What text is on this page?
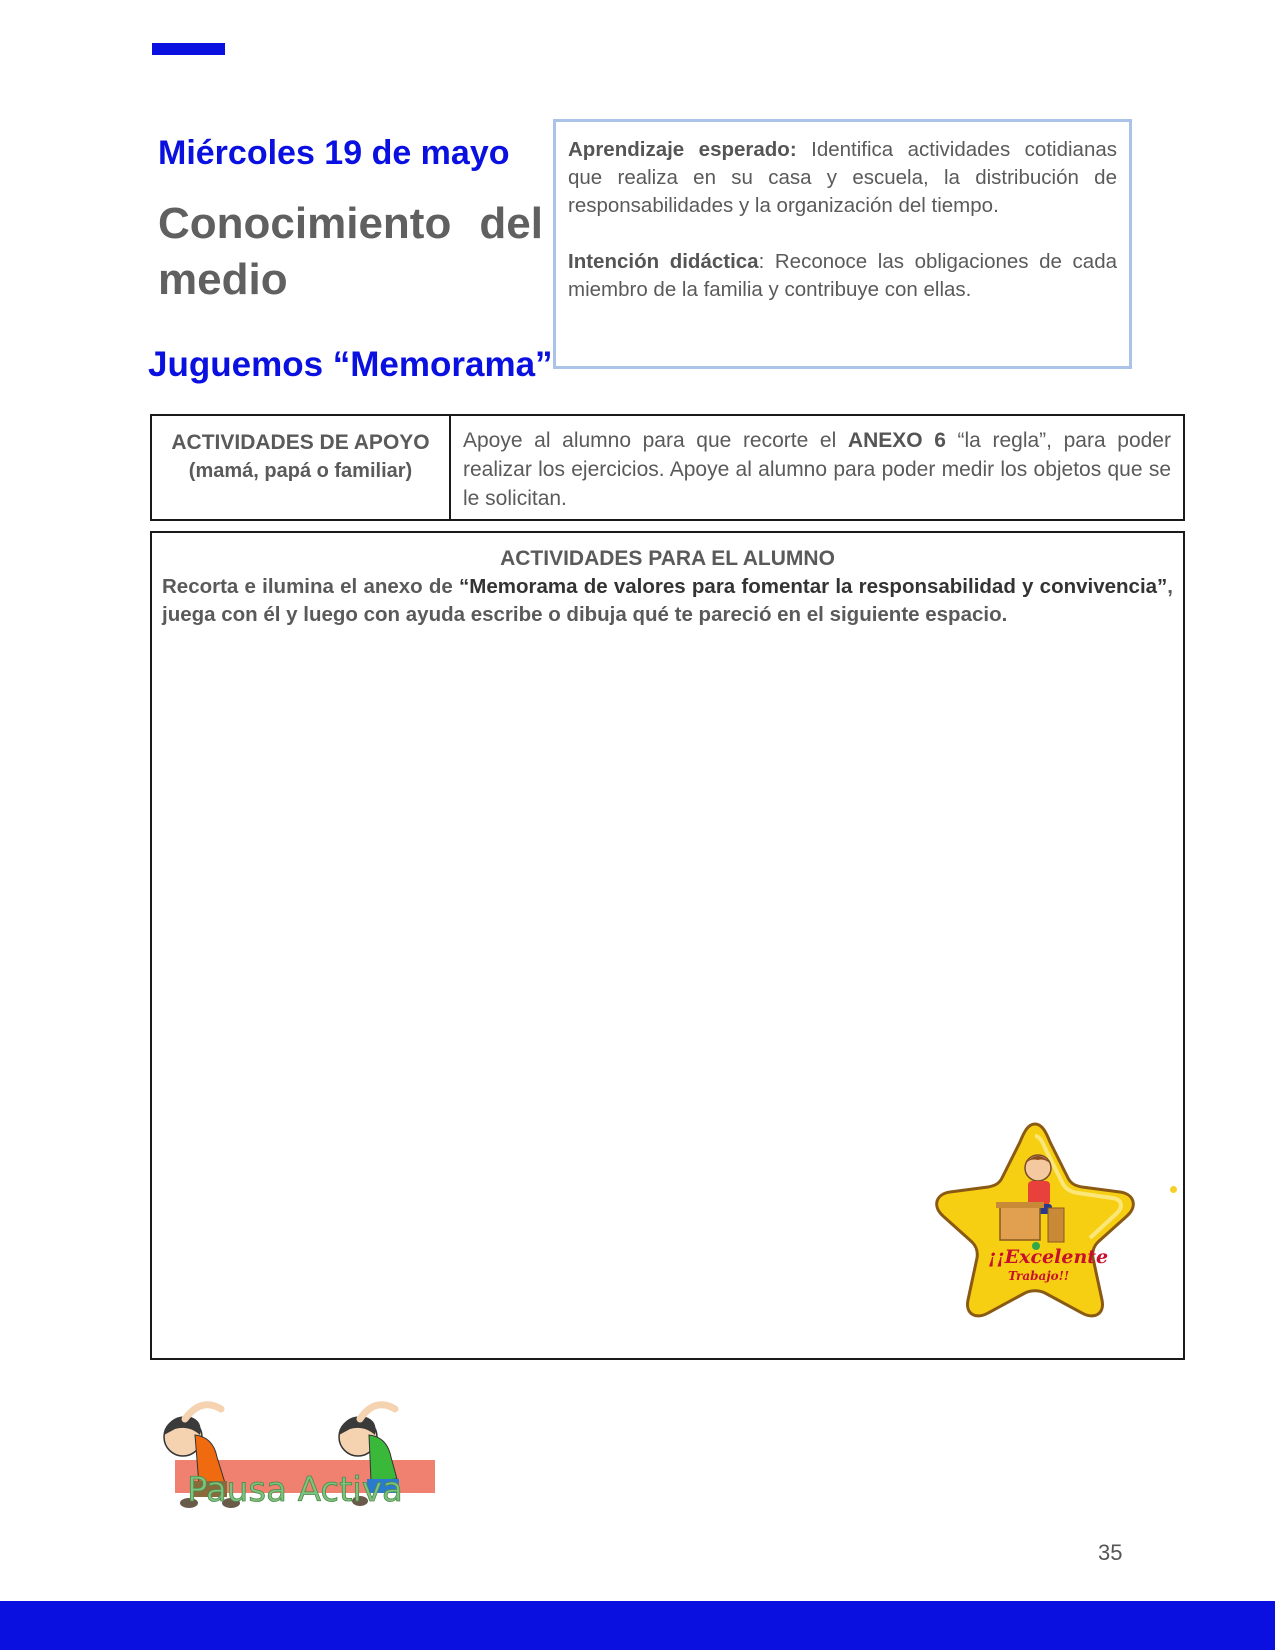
Miércoles 19 de mayo
Conocimiento del
medio

Aprendizaje esperado: Identifica actividades cotidianas que realiza en su casa y escuela, la distribución de responsabilidades y la organización del tiempo.

Intención didáctica: Reconoce las obligaciones de cada miembro de la familia y contribuye con ellas.

Juguemos “Memorama”
ACTIVIDADES DE APOYO
(mamá, papá o familiar)
Apoye al alumno para que recorte el ANEXO 6 “la regla”, para poder realizar los ejercicios. Apoye al alumno para poder medir los objetos que se le solicitan.
ACTIVIDADES PARA EL ALUMNO
Recorta e ilumina el anexo de “Memorama de valores para fomentar la responsabilidad y convivencia”, juega con él y luego con ayuda escribe o dibuja qué te pareció en el siguiente espacio.
¡¡Excelente
Trabajo!!
Pausa Activa
35
